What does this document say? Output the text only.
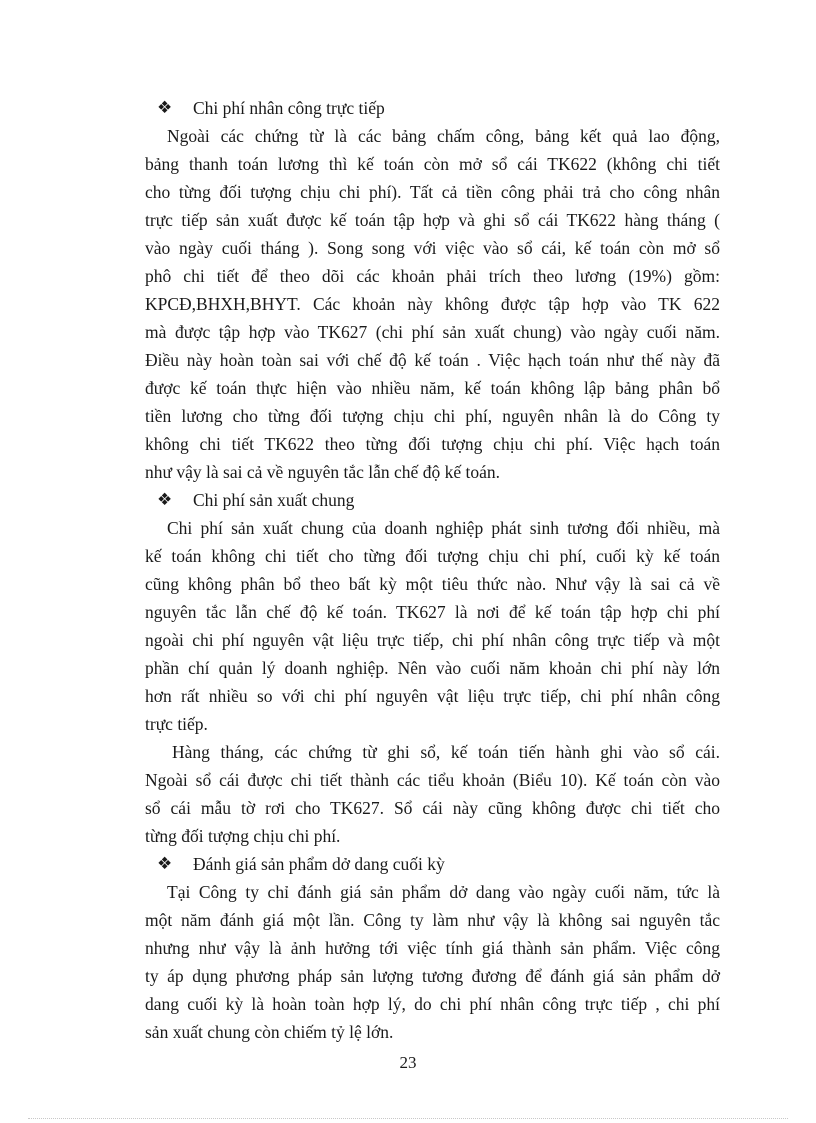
❖ Chi phí nhân công trực tiếp
Ngoài các chứng từ là các bảng chấm công, bảng kết quả lao động,
bảng thanh toán lương thì kế toán còn mở sổ cái TK622 (không chi tiết
cho từng đối tượng chịu chi phí). Tất cả tiền công phải trả cho công nhân
trực tiếp sản xuất được kế toán tập hợp và ghi sổ cái TK622 hàng tháng (
vào ngày cuối tháng ). Song song với việc vào sổ cái, kế toán còn mở sổ
phô chi tiết để theo dõi các khoản phải trích theo lương (19%) gồm:
KPCĐ,BHXH,BHYT. Các khoản này không được tập hợp vào TK 622
mà được tập hợp vào TK627 (chi phí sản xuất chung) vào ngày cuối năm.
Điều này hoàn toàn sai với chế độ kế toán . Việc hạch toán như thế này đã
được kế toán thực hiện vào nhiều năm, kế toán không lập bảng phân bổ
tiền lương cho từng đối tượng chịu chi phí, nguyên nhân là do Công ty
không chi tiết TK622 theo từng đối tượng chịu chi phí. Việc hạch toán
như vậy là sai cả về nguyên tắc lẫn chế độ kế toán.
❖ Chi phí sản xuất chung
Chi phí sản xuất chung của doanh nghiệp phát sinh tương đối nhiều, mà
kế toán không chi tiết cho từng đối tượng chịu chi phí, cuối kỳ kế toán
cũng không phân bổ theo bất kỳ một tiêu thức nào. Như vậy là sai cả về
nguyên tắc lẫn chế độ kế toán. TK627 là nơi để kế toán tập hợp chi phí
ngoài chi phí nguyên vật liệu trực tiếp, chi phí nhân công trực tiếp và một
phần chí quản lý doanh nghiệp. Nên vào cuối năm khoản chi phí này lớn
hơn rất nhiều so với chi phí nguyên vật liệu trực tiếp, chi phí nhân công
trực tiếp.
Hàng tháng, các chứng từ ghi sổ, kế toán tiến hành ghi vào sổ cái.
Ngoài sổ cái được chi tiết thành các tiểu khoản (Biểu 10). Kế toán còn vào
sổ cái mẫu tờ rơi cho TK627. Sổ cái này cũng không được chi tiết cho
từng đối tượng chịu chi phí.
❖ Đánh giá sản phẩm dở dang cuối kỳ
Tại Công ty chỉ đánh giá sản phẩm dở dang vào ngày cuối năm, tức là
một năm đánh giá một lần. Công ty làm như vậy là không sai nguyên tắc
nhưng như vậy là ảnh hưởng tới việc tính giá thành sản phẩm. Việc công
ty áp dụng phương pháp sản lượng tương đương để đánh giá sản phẩm dở
dang cuối kỳ là hoàn toàn hợp lý, do chi phí nhân công trực tiếp , chi phí
sản xuất chung còn chiếm tỷ lệ lớn.
23
